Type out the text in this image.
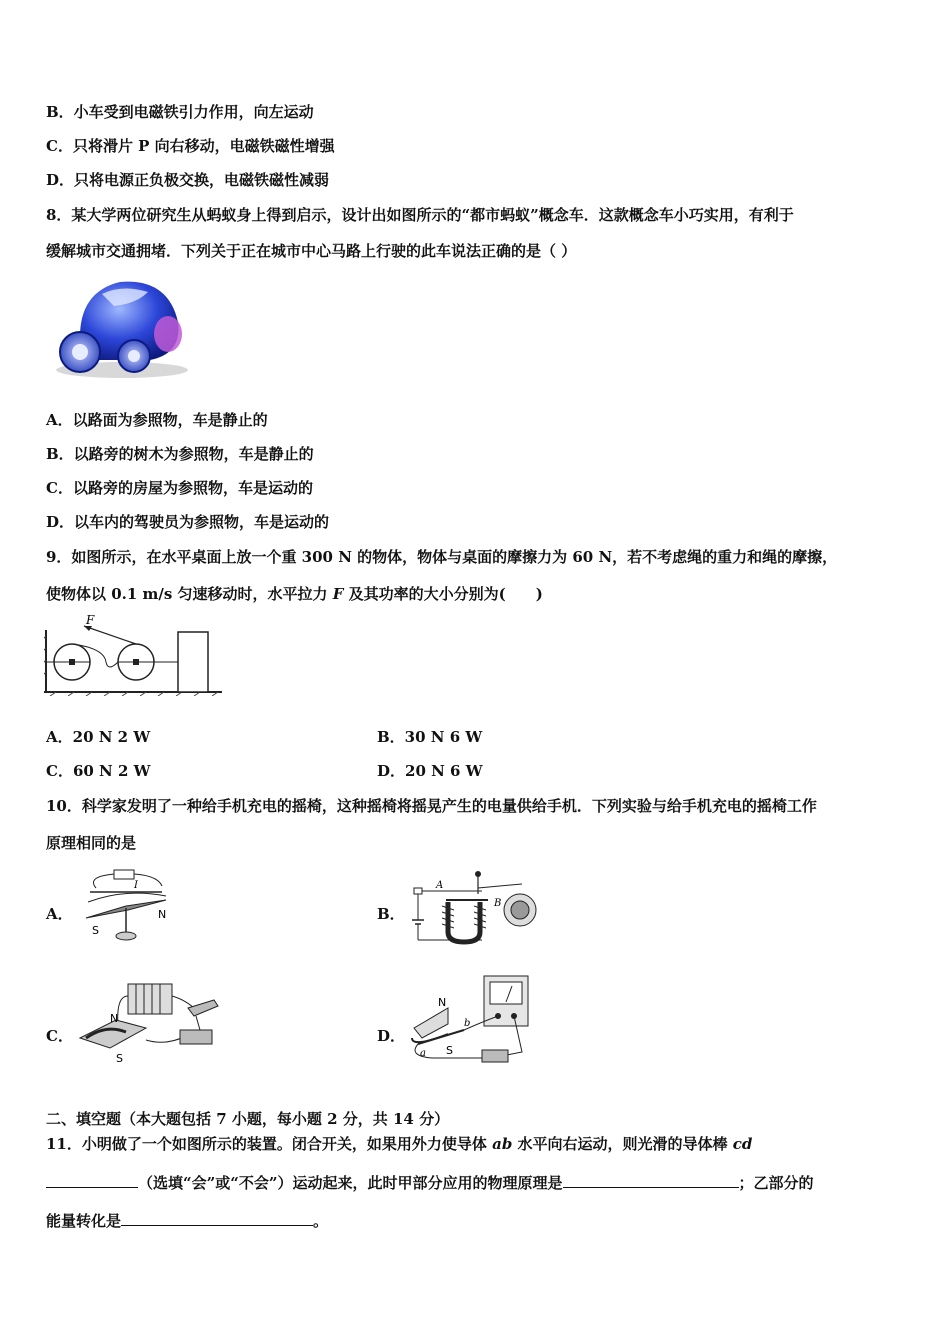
B．小车受到电磁铁引力作用，向左运动
C．只将滑片 P 向右移动，电磁铁磁性增强
D．只将电源正负极交换，电磁铁磁性减弱
8．某大学两位研究生从蚂蚁身上得到启示，设计出如图所示的“都市蚂蚁”概念车．这款概念车小巧实用，有利于
缓解城市交通拥堵．下列关于正在城市中心马路上行驶的此车说法正确的是（ ）
A．以路面为参照物，车是静止的
B．以路旁的树木为参照物，车是静止的
C．以路旁的房屋为参照物，车是运动的
D．以车内的驾驶员为参照物，车是运动的
9．如图所示，在水平桌面上放一个重 300 N 的物体，物体与桌面的摩擦力为 60 N，若不考虑绳的重力和绳的摩擦，
使物体以 0.1 m/s 匀速移动时，水平拉力 F 及其功率的大小分别为(　　)
F
A．20 N 2 W	B．30 N 6 W
C．60 N 2 W	D．20 N 6 W
10．科学家发明了一种给手机充电的摇椅，这种摇椅将摇晃产生的电量供给手机．下列实验与给手机充电的摇椅工作
原理相同的是
A．
I
N
S
B．
A
B
C．
N
S
D．
N
S
a
b
二、填空题（本大题包括 7 小题，每小题 2 分，共 14 分）
11．小明做了一个如图所示的装置。闭合开关，如果用外力使导体 ab 水平向右运动，则光滑的导体棒 cd
（选填“会”或“不会”）运动起来，此时甲部分应用的物理原理是	；乙部分的
能量转化是	。
